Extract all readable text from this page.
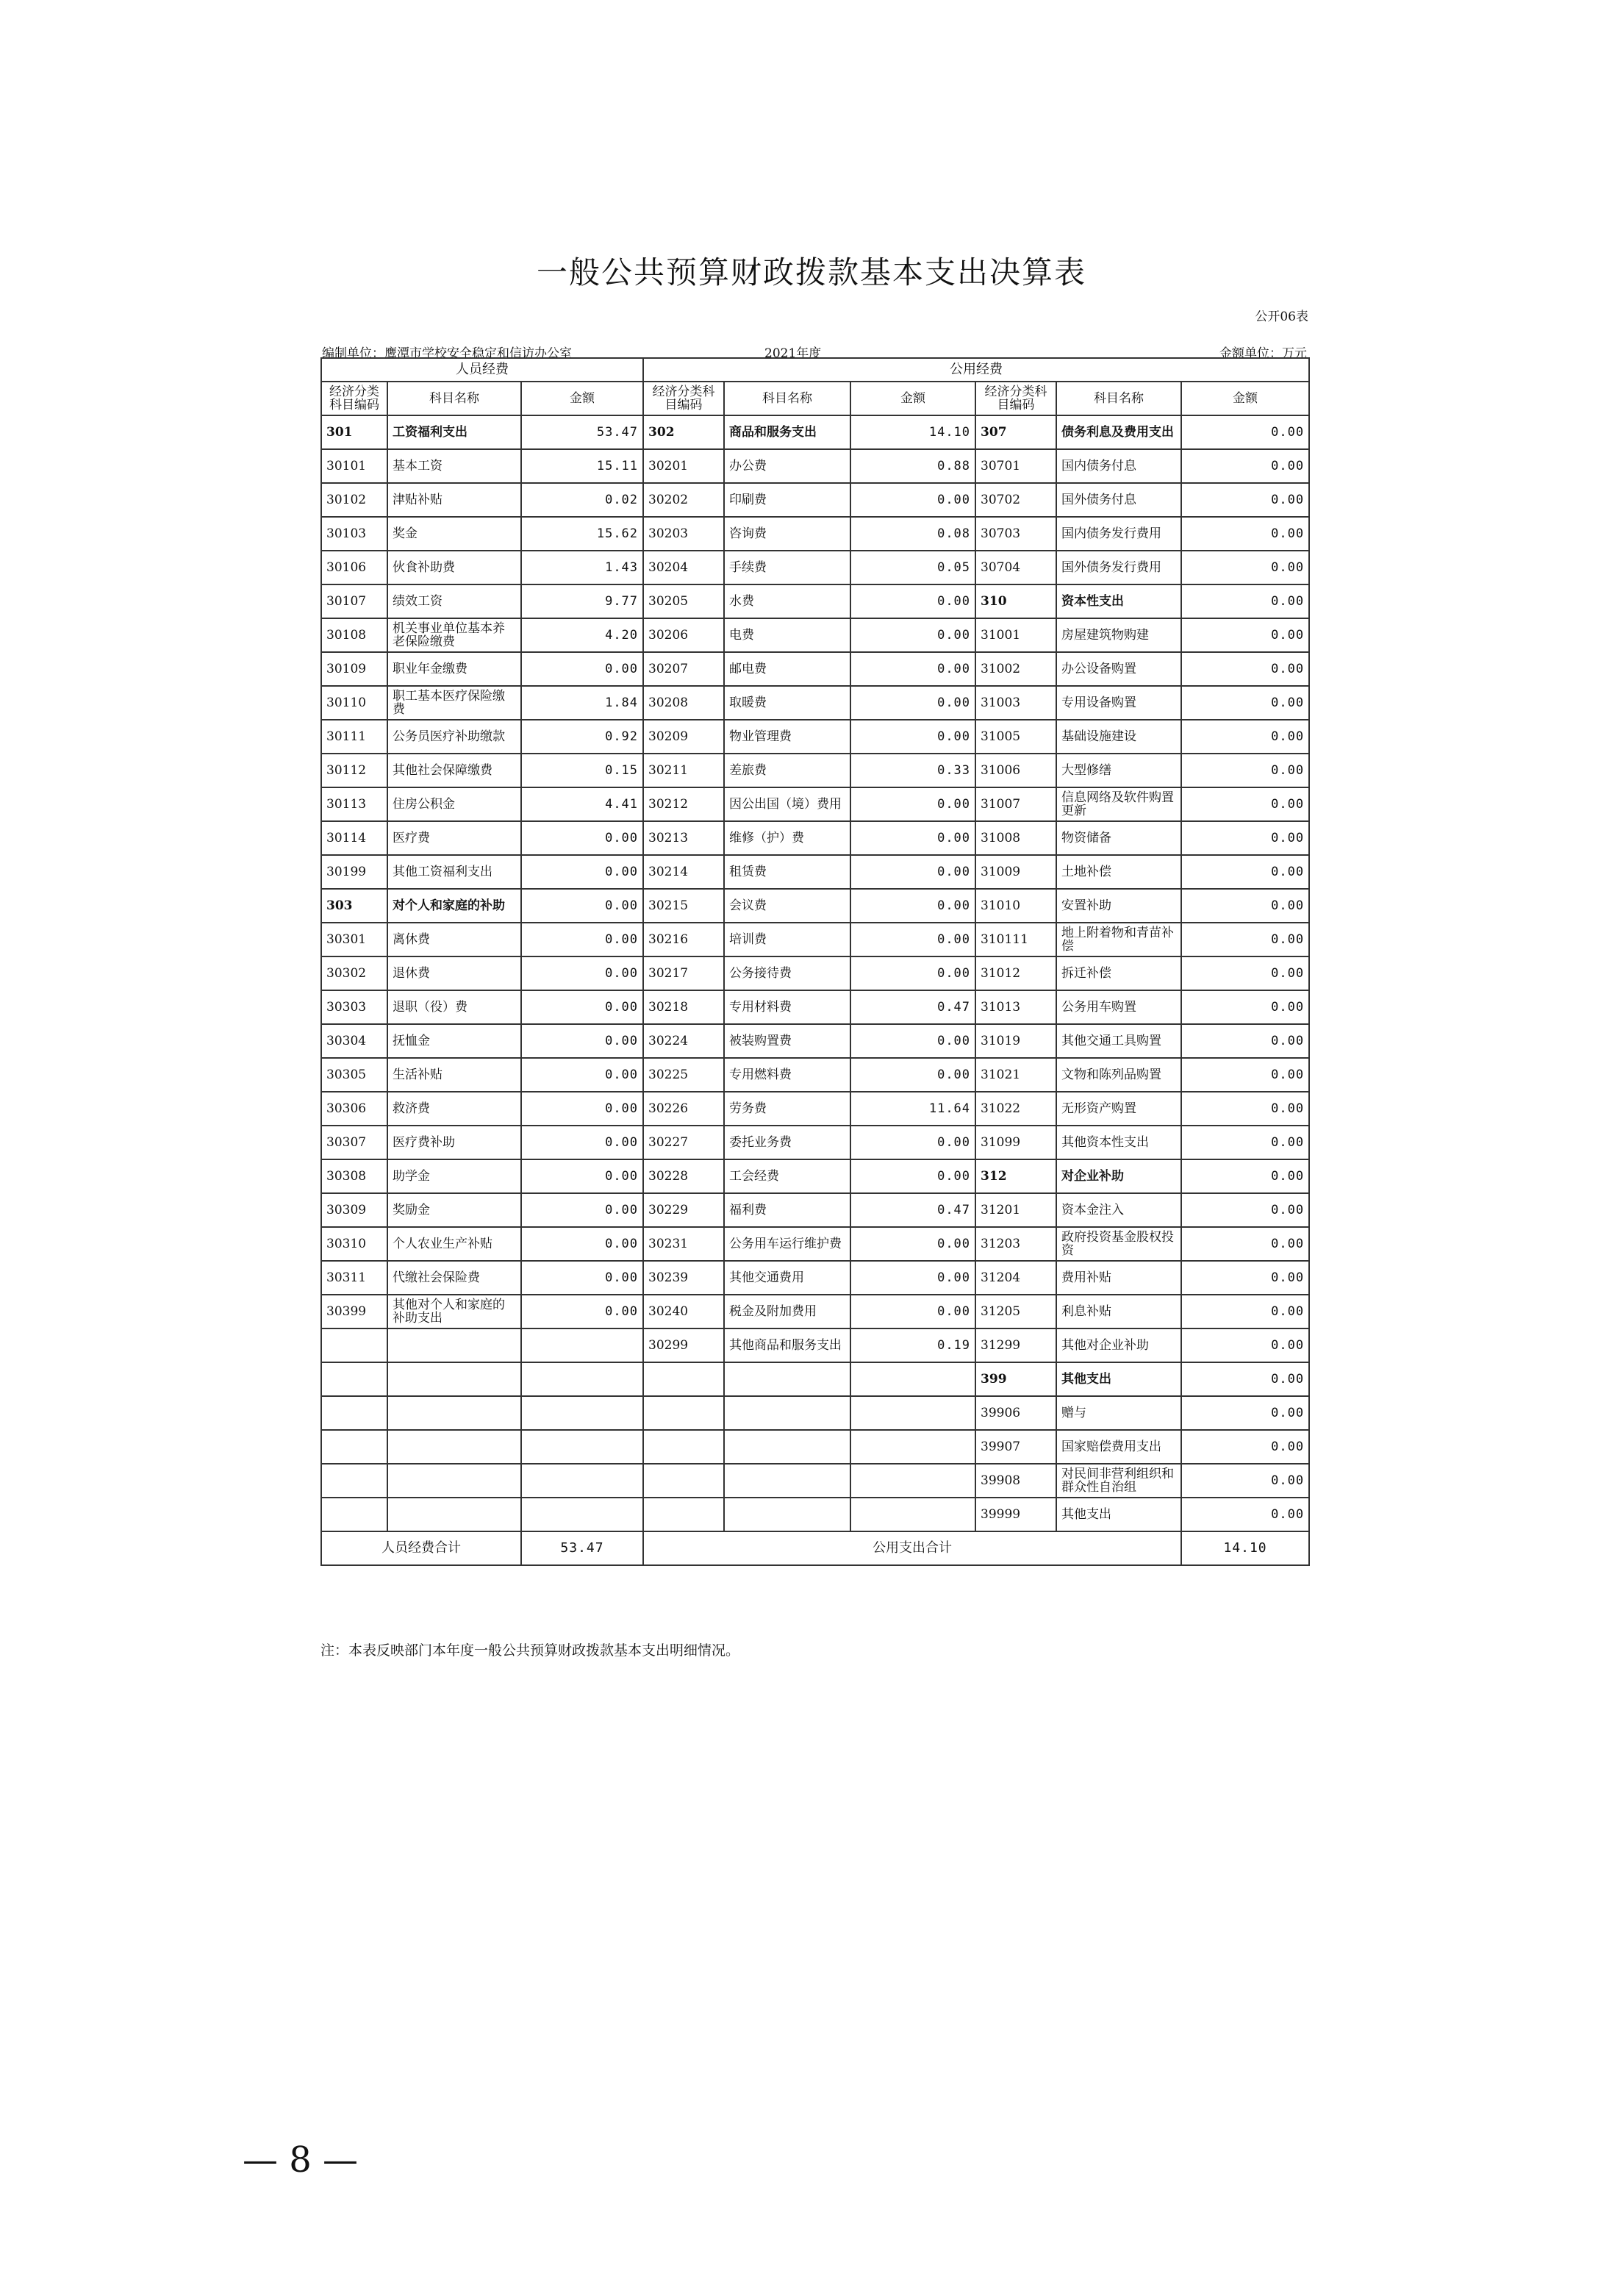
一般公共预算财政拨款基本支出决算表
公开06表
编制单位：鹰潭市学校安全稳定和信访办公室	2021年度	金额单位：万元
人员经费			公用经费					
经济分类科目编码	科目名称	金额	经济分类科目编码	科目名称	金额	经济分类科目编码	科目名称	金额
301	工资福利支出	53.47	302	商品和服务支出	14.10	307	债务利息及费用支出	0.00
30101	基本工资	15.11	30201	办公费	0.88	30701	国内债务付息	0.00
30102	津贴补贴	0.02	30202	印刷费	0.00	30702	国外债务付息	0.00
30103	奖金	15.62	30203	咨询费	0.08	30703	国内债务发行费用	0.00
30106	伙食补助费	1.43	30204	手续费	0.05	30704	国外债务发行费用	0.00
30107	绩效工资	9.77	30205	水费	0.00	310	资本性支出	0.00
30108	机关事业单位基本养老保险缴费	4.20	30206	电费	0.00	31001	房屋建筑物购建	0.00
30109	职业年金缴费	0.00	30207	邮电费	0.00	31002	办公设备购置	0.00
30110	职工基本医疗保险缴费	1.84	30208	取暖费	0.00	31003	专用设备购置	0.00
30111	公务员医疗补助缴款	0.92	30209	物业管理费	0.00	31005	基础设施建设	0.00
30112	其他社会保障缴费	0.15	30211	差旅费	0.33	31006	大型修缮	0.00
30113	住房公积金	4.41	30212	因公出国（境）费用	0.00	31007	信息网络及软件购置更新	0.00
30114	医疗费	0.00	30213	维修（护）费	0.00	31008	物资储备	0.00
30199	其他工资福利支出	0.00	30214	租赁费	0.00	31009	土地补偿	0.00
303	对个人和家庭的补助	0.00	30215	会议费	0.00	31010	安置补助	0.00
30301	离休费	0.00	30216	培训费	0.00	310111	地上附着物和青苗补偿	0.00
30302	退休费	0.00	30217	公务接待费	0.00	31012	拆迁补偿	0.00
30303	退职（役）费	0.00	30218	专用材料费	0.47	31013	公务用车购置	0.00
30304	抚恤金	0.00	30224	被装购置费	0.00	31019	其他交通工具购置	0.00
30305	生活补贴	0.00	30225	专用燃料费	0.00	31021	文物和陈列品购置	0.00
30306	救济费	0.00	30226	劳务费	11.64	31022	无形资产购置	0.00
30307	医疗费补助	0.00	30227	委托业务费	0.00	31099	其他资本性支出	0.00
30308	助学金	0.00	30228	工会经费	0.00	312	对企业补助	0.00
30309	奖励金	0.00	30229	福利费	0.47	31201	资本金注入	0.00
30310	个人农业生产补贴	0.00	30231	公务用车运行维护费	0.00	31203	政府投资基金股权投资	0.00
30311	代缴社会保险费	0.00	30239	其他交通费用	0.00	31204	费用补贴	0.00
30399	其他对个人和家庭的补助支出	0.00	30240	税金及附加费用	0.00	31205	利息补贴	0.00
			30299	其他商品和服务支出	0.19	31299	其他对企业补助	0.00
						399	其他支出	0.00
						39906	赠与	0.00
						39907	国家赔偿费用支出	0.00
						39908	对民间非营利组织和群众性自治组	0.00
						39999	其他支出	0.00
人员经费合计		53.47	公用支出合计					14.10
注：本表反映部门本年度一般公共预算财政拨款基本支出明细情况。
— 8 —
